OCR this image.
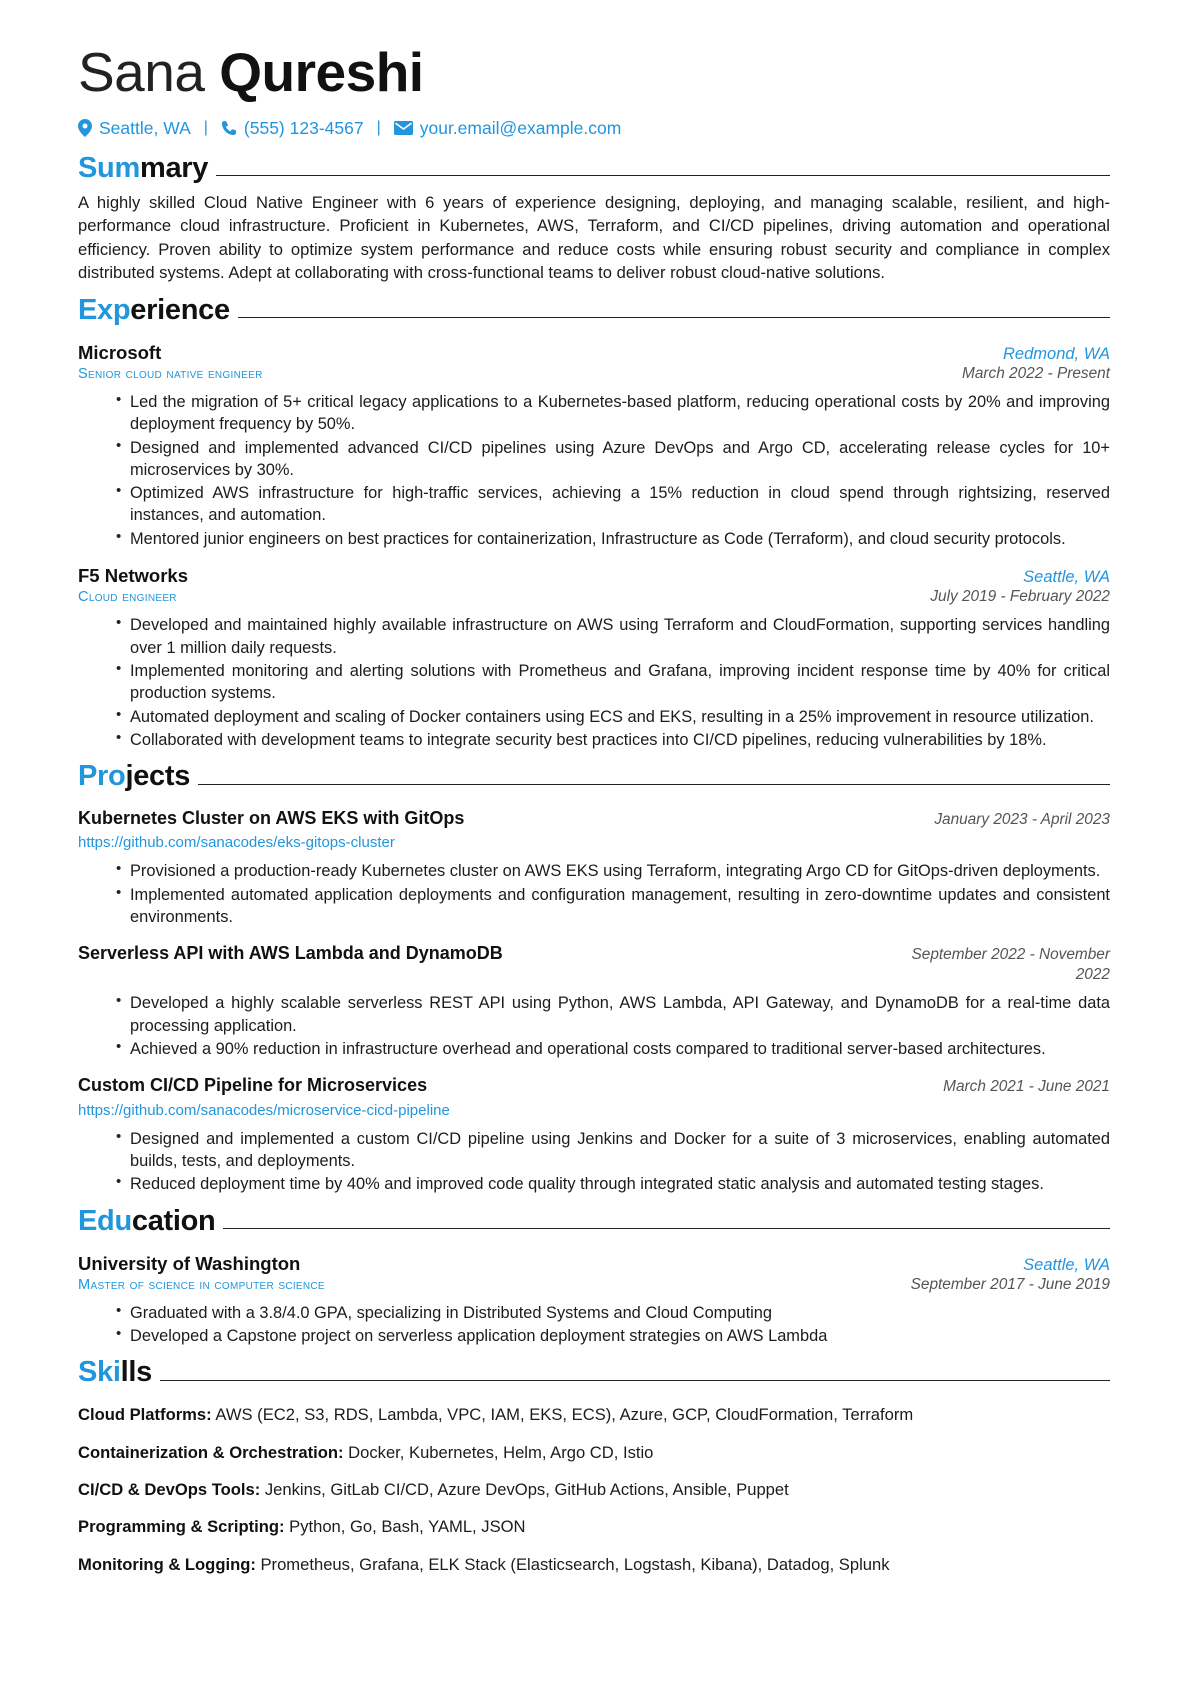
Sana Qureshi
Seattle, WA |	(555) 123-4567 |	your.email@example.com
Summary

A highly skilled Cloud Native Engineer with 6 years of experience designing, deploying, and managing scalable, resilient, and high-performance cloud infrastructure. Proficient in Kubernetes, AWS, Terraform, and CI/CD pipelines, driving automation and operational efficiency. Proven ability to optimize system performance and reduce costs while ensuring robust security and compliance in complex distributed systems. Adept at collaborating with cross-functional teams to deliver robust cloud-native solutions.

Experience
Microsoft	Redmond, WA
Senior cloud native engineer	March 2022 - Present
• Led the migration of 5+ critical legacy applications to a Kubernetes-based platform, reducing operational costs by 20% and improving deployment frequency by 50%.
• Designed and implemented advanced CI/CD pipelines using Azure DevOps and Argo CD, accelerating release cycles for 10+ microservices by 30%.
• Optimized AWS infrastructure for high-traffic services, achieving a 15% reduction in cloud spend through rightsizing, reserved instances, and automation.
• Mentored junior engineers on best practices for containerization, Infrastructure as Code (Terraform), and cloud security protocols.
F5 Networks	Seattle, WA
Cloud engineer	July 2019 - February 2022
• Developed and maintained highly available infrastructure on AWS using Terraform and CloudFormation, supporting services handling over 1 million daily requests.
• Implemented monitoring and alerting solutions with Prometheus and Grafana, improving incident response time by 40% for critical production systems.
• Automated deployment and scaling of Docker containers using ECS and EKS, resulting in a 25% improvement in resource utilization.
• Collaborated with development teams to integrate security best practices into CI/CD pipelines, reducing vulnerabilities by 18%.
Projects
Kubernetes Cluster on AWS EKS with GitOps	January 2023 - April 2023
https://github.com/sanacodes/eks-gitops-cluster
• Provisioned a production-ready Kubernetes cluster on AWS EKS using Terraform, integrating Argo CD for GitOps-driven deployments.
• Implemented automated application deployments and configuration management, resulting in zero-downtime updates and consistent environments.
Serverless API with AWS Lambda and DynamoDB	September 2022 - November 2022
• Developed a highly scalable serverless REST API using Python, AWS Lambda, API Gateway, and DynamoDB for a real-time data processing application.
• Achieved a 90% reduction in infrastructure overhead and operational costs compared to traditional server-based architectures.
Custom CI/CD Pipeline for Microservices	March 2021 - June 2021
https://github.com/sanacodes/microservice-cicd-pipeline
• Designed and implemented a custom CI/CD pipeline using Jenkins and Docker for a suite of 3 microservices, enabling automated builds, tests, and deployments.
• Reduced deployment time by 40% and improved code quality through integrated static analysis and automated testing stages.
Education
University of Washington	Seattle, WA
Master of science in computer science	September 2017 - June 2019
• Graduated with a 3.8/4.0 GPA, specializing in Distributed Systems and Cloud Computing
• Developed a Capstone project on serverless application deployment strategies on AWS Lambda
Skills
Cloud Platforms: AWS (EC2, S3, RDS, Lambda, VPC, IAM, EKS, ECS), Azure, GCP, CloudFormation, Terraform
Containerization & Orchestration: Docker, Kubernetes, Helm, Argo CD, Istio
CI/CD & DevOps Tools: Jenkins, GitLab CI/CD, Azure DevOps, GitHub Actions, Ansible, Puppet
Programming & Scripting: Python, Go, Bash, YAML, JSON
Monitoring & Logging: Prometheus, Grafana, ELK Stack (Elasticsearch, Logstash, Kibana), Datadog, Splunk
